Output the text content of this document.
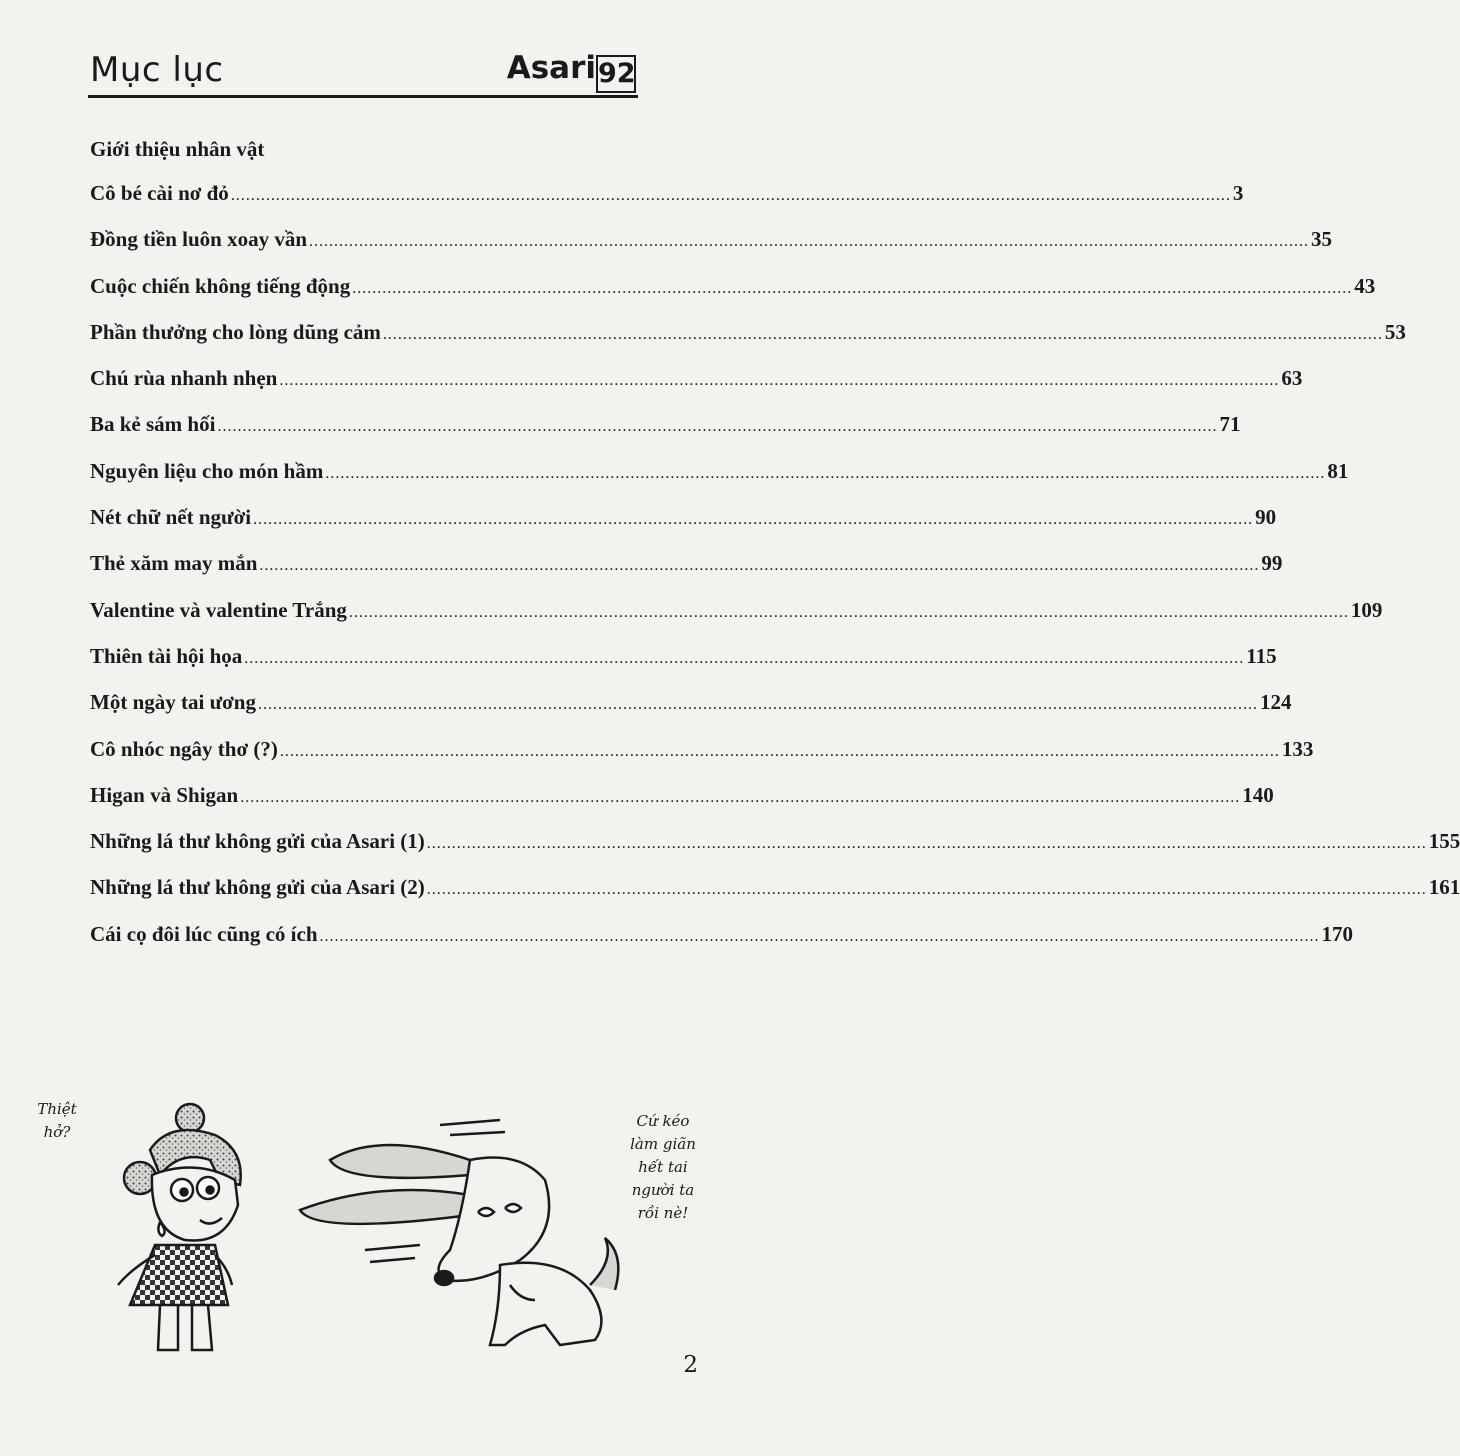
Mục lục	Asari 92
Giới thiệu nhân vật
Cô bé cài nơ đỏ ........................................................................................................................................................................................................ 3
Đồng tiền luôn xoay vần ........................................................................................................................................................................................................ 35
Cuộc chiến không tiếng động ........................................................................................................................................................................................................ 43
Phần thưởng cho lòng dũng cảm ........................................................................................................................................................................................................ 53
Chú rùa nhanh nhẹn ........................................................................................................................................................................................................ 63
Ba kẻ sám hối ........................................................................................................................................................................................................ 71
Nguyên liệu cho món hầm ........................................................................................................................................................................................................ 81
Nét chữ nết người ........................................................................................................................................................................................................ 90
Thẻ xăm may mắn ........................................................................................................................................................................................................ 99
Valentine và valentine Trắng ........................................................................................................................................................................................................ 109
Thiên tài hội họa ........................................................................................................................................................................................................ 115
Một ngày tai ương ........................................................................................................................................................................................................ 124
Cô nhóc ngây thơ (?) ........................................................................................................................................................................................................ 133
Higan và Shigan ........................................................................................................................................................................................................ 140
Những lá thư không gửi của Asari (1) ........................................................................................................................................................................................................ 155
Những lá thư không gửi của Asari (2) ........................................................................................................................................................................................................ 161
Cái cọ đôi lúc cũng có ích ........................................................................................................................................................................................................ 170
Thiệt
hở?
Cứ kéo
làm giãn
hết tai
người ta
rồi nè!
2
